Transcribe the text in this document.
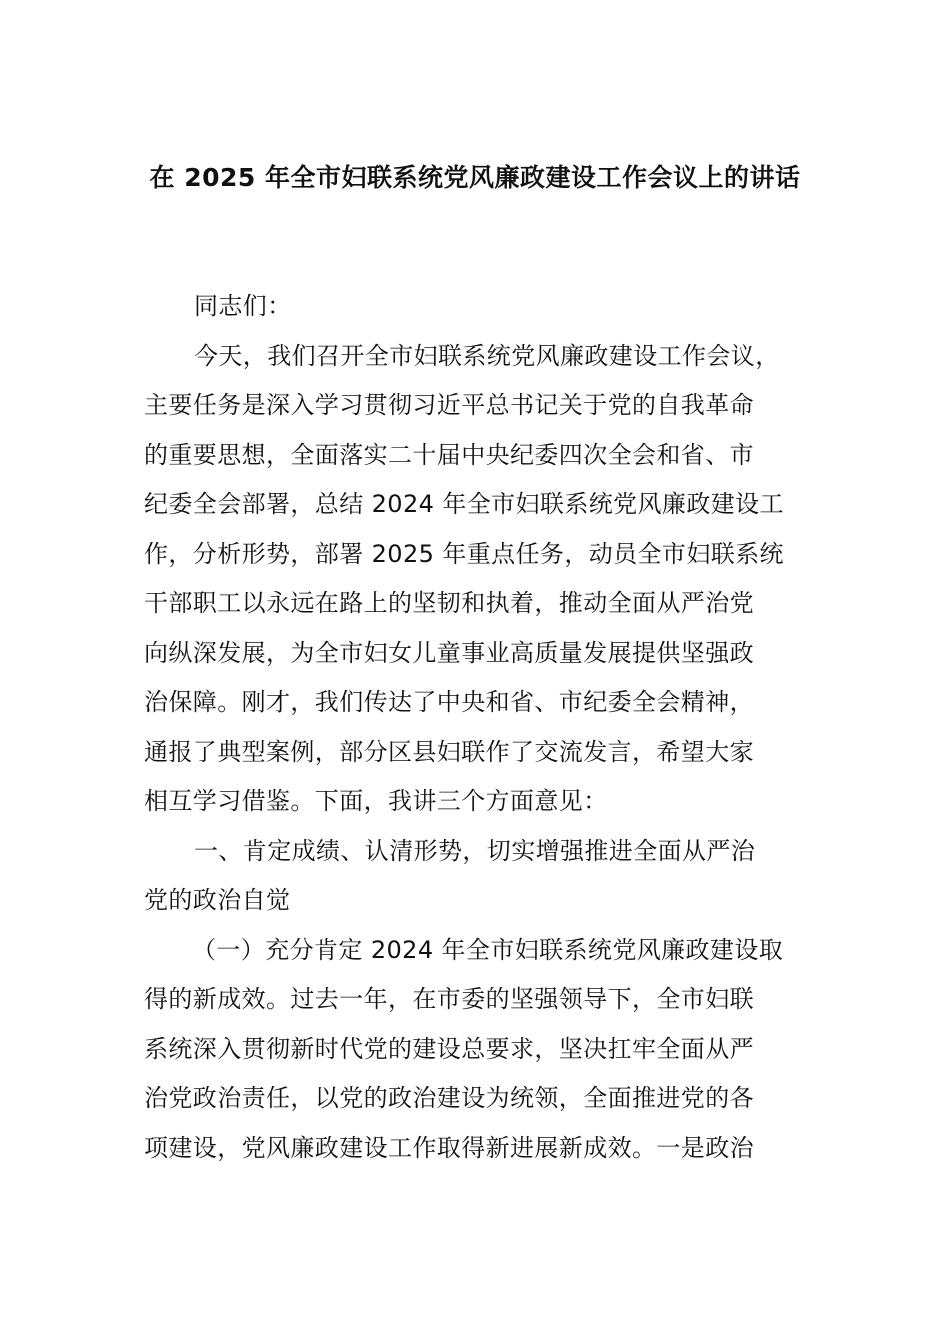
在 2025 年全市妇联系统党风廉政建设工作会议上的讲话
同志们：
今天，我们召开全市妇联系统党风廉政建设工作会议，
主要任务是深入学习贯彻习近平总书记关于党的自我革命
的重要思想，全面落实二十届中央纪委四次全会和省、市
纪委全会部署，总结 2024 年全市妇联系统党风廉政建设工
作，分析形势，部署 2025 年重点任务，动员全市妇联系统
干部职工以永远在路上的坚韧和执着，推动全面从严治党
向纵深发展，为全市妇女儿童事业高质量发展提供坚强政
治保障。刚才，我们传达了中央和省、市纪委全会精神，
通报了典型案例，部分区县妇联作了交流发言，希望大家
相互学习借鉴。下面，我讲三个方面意见：
一、肯定成绩、认清形势，切实增强推进全面从严治
党的政治自觉
（一）充分肯定 2024 年全市妇联系统党风廉政建设取
得的新成效。过去一年，在市委的坚强领导下，全市妇联
系统深入贯彻新时代党的建设总要求，坚决扛牢全面从严
治党政治责任，以党的政治建设为统领，全面推进党的各
项建设，党风廉政建设工作取得新进展新成效。一是政治
